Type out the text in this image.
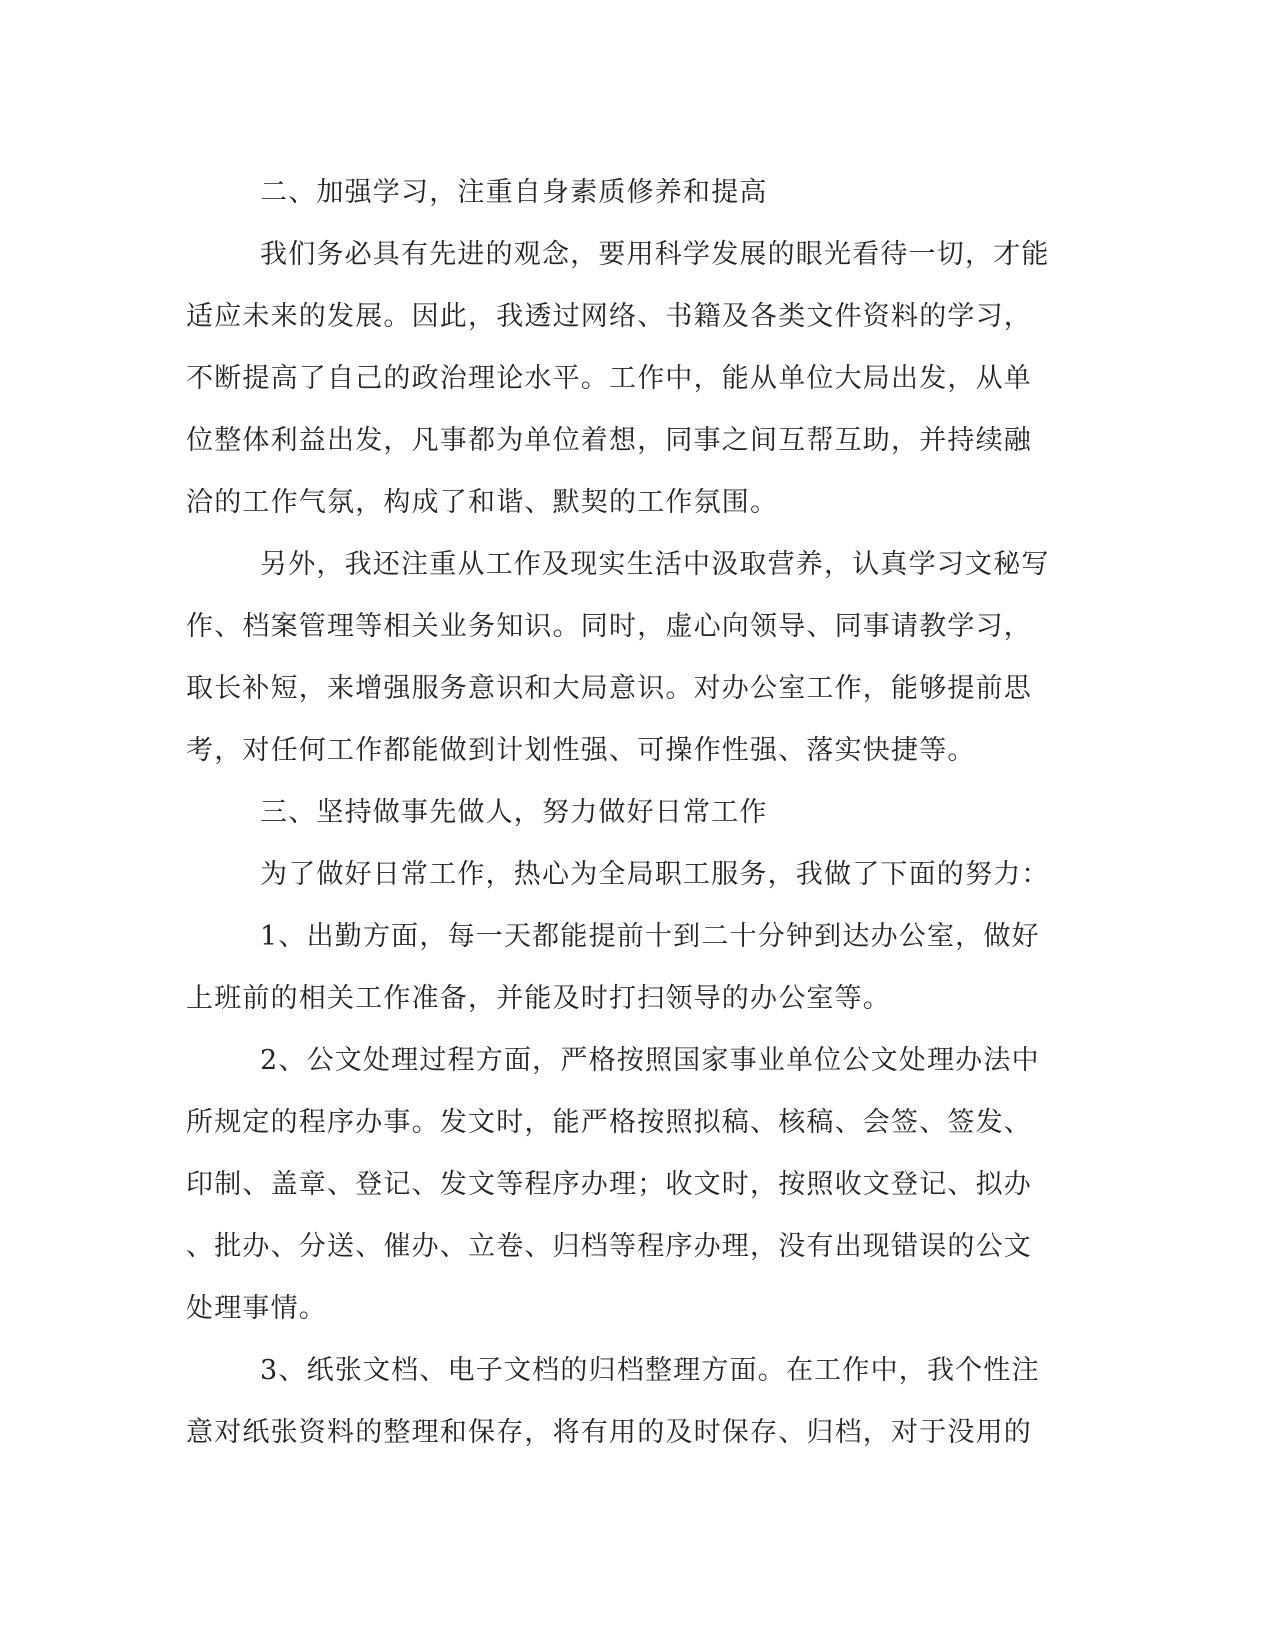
二、加强学习，注重自身素质修养和提高
我们务必具有先进的观念，要用科学发展的眼光看待一切，才能
适应未来的发展。因此，我透过网络、书籍及各类文件资料的学习，
不断提高了自己的政治理论水平。工作中，能从单位大局出发，从单
位整体利益出发，凡事都为单位着想，同事之间互帮互助，并持续融
洽的工作气氛，构成了和谐、默契的工作氛围。
另外，我还注重从工作及现实生活中汲取营养，认真学习文秘写
作、档案管理等相关业务知识。同时，虚心向领导、同事请教学习，
取长补短，来增强服务意识和大局意识。对办公室工作，能够提前思
考，对任何工作都能做到计划性强、可操作性强、落实快捷等。
三、坚持做事先做人，努力做好日常工作
为了做好日常工作，热心为全局职工服务，我做了下面的努力：
1、出勤方面，每一天都能提前十到二十分钟到达办公室，做好
上班前的相关工作准备，并能及时打扫领导的办公室等。
2、公文处理过程方面，严格按照国家事业单位公文处理办法中
所规定的程序办事。发文时，能严格按照拟稿、核稿、会签、签发、
印制、盖章、登记、发文等程序办理；收文时，按照收文登记、拟办
、批办、分送、催办、立卷、归档等程序办理，没有出现错误的公文
处理事情。
3、纸张文档、电子文档的归档整理方面。在工作中，我个性注
意对纸张资料的整理和保存，将有用的及时保存、归档，对于没用的
